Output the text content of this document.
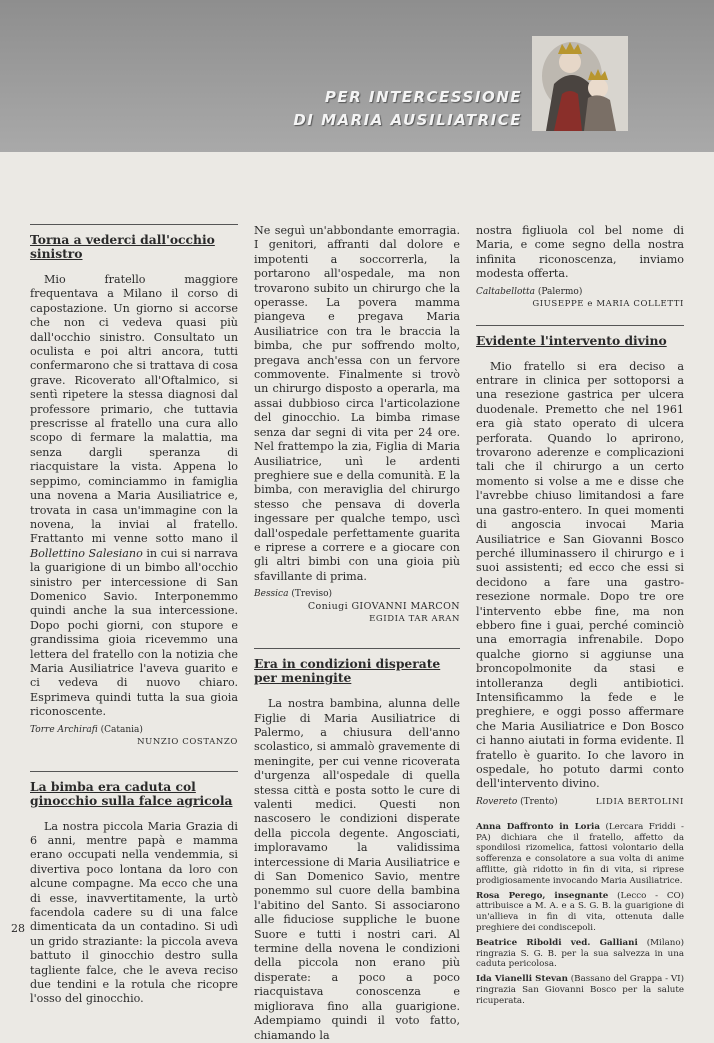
PER INTERCESSIONE
DI MARIA AUSILIATRICE
Torna a vederci dall'occhio sinistro

Mio fratello maggiore frequentava a Milano il corso di capostazione. Un giorno si accorse che non ci vedeva quasi più dall'occhio sinistro. Consultato un oculista e poi altri ancora, tutti confermarono che si trattava di cosa grave. Ricoverato all'Oftalmico, si sentì ripetere la stessa diagnosi dal professore primario, che tuttavia prescrisse al fratello una cura allo scopo di fermare la malattia, ma senza dargli speranza di riacquistare la vista. Appena lo seppimo, cominciammo in famiglia una novena a Maria Ausiliatrice e, trovata in casa un'immagine con la novena, la inviai al fratello. Frattanto mi venne sotto mano il Bollettino Salesiano in cui si narrava la guarigione di un bimbo all'occhio sinistro per intercessione di San Domenico Savio. Interponemmo quindi anche la sua intercessione. Dopo pochi giorni, con stupore e grandissima gioia ricevemmo una lettera del fratello con la notizia che Maria Ausiliatrice l'aveva guarito e ci vedeva di nuovo chiaro. Esprimeva quindi tutta la sua gioia riconoscente.

Torre Archirafi (Catania)
NUNZIO COSTANZO
La bimba era caduta col ginocchio sulla falce agricola

La nostra piccola Maria Grazia di 6 anni, mentre papà e mamma erano occupati nella vendemmia, si divertiva poco lontana da loro con alcune compagne. Ma ecco che una di esse, inavvertitamente, la urtò facendola cadere su di una falce dimenticata da un contadino. Si udì un grido straziante: la piccola aveva battuto il ginocchio destro sulla tagliente falce, che le aveva reciso due tendini e la rotula che ricopre l'osso del ginocchio.

Ne seguì un'abbondante emorragia. I genitori, affranti dal dolore e impotenti a soccorrerla, la portarono all'ospedale, ma non trovarono subito un chirurgo che la operasse. La povera mamma piangeva e pregava Maria Ausiliatrice con tra le braccia la bimba, che pur soffrendo molto, pregava anch'essa con un fervore commovente. Finalmente si trovò un chirurgo disposto a operarla, ma assai dubbioso circa l'articolazione del ginocchio. La bimba rimase senza dar segni di vita per 24 ore. Nel frattempo la zia, Figlia di Maria Ausiliatrice, unì le ardenti preghiere sue e della comunità. E la bimba, con meraviglia del chirurgo stesso che pensava di doverla ingessare per qualche tempo, uscì dall'ospedale perfettamente guarita e riprese a correre e a giocare con gli altri bimbi con una gioia più sfavillante di prima.

Bessica (Treviso)
Coniugi GIOVANNI MARCON
EGIDIA TAR ARAN
Era in condizioni disperate per meningite

La nostra bambina, alunna delle Figlie di Maria Ausiliatrice di Palermo, a chiusura dell'anno scolastico, si ammalò gravemente di meningite, per cui venne ricoverata d'urgenza all'ospedale di quella stessa città e posta sotto le cure di valenti medici. Questi non nascosero le condizioni disperate della piccola degente. Angosciati, imploravamo la validissima intercessione di Maria Ausiliatrice e di San Domenico Savio, mentre ponemmo sul cuore della bambina l'abitino del Santo. Si associarono alle fiduciose suppliche le buone Suore e tutti i nostri cari. Al termine della novena le condizioni della piccola non erano più disperate: a poco a poco riacquistava conoscenza e migliorava fino alla guarigione. Adempiamo quindi il voto fatto, chiamando la

nostra figliuola col bel nome di Maria, e come segno della nostra infinita riconoscenza, inviamo modesta offerta.

Caltabellotta (Palermo)
GIUSEPPE e MARIA COLLETTI
Evidente l'intervento divino

Mio fratello si era deciso a entrare in clinica per sottoporsi a una resezione gastrica per ulcera duodenale. Premetto che nel 1961 era già stato operato di ulcera perforata. Quando lo aprirono, trovarono aderenze e complicazioni tali che il chirurgo a un certo momento si volse a me e disse che l'avrebbe chiuso limitandosi a fare una gastro-entero. In quei momenti di angoscia invocai Maria Ausiliatrice e San Giovanni Bosco perché illuminassero il chirurgo e i suoi assistenti; ed ecco che essi si decidono a fare una gastro-resezione normale. Dopo tre ore l'intervento ebbe fine, ma non ebbero fine i guai, perché cominciò una emorragia infrenabile. Dopo qualche giorno si aggiunse una broncopolmonite da stasi e intolleranza degli antibiotici. Intensificammo la fede e le preghiere, e oggi posso affermare che Maria Ausiliatrice e Don Bosco ci hanno aiutati in forma evidente. Il fratello è guarito. Io che lavoro in ospedale, ho potuto darmi conto dell'intervento divino.

Rovereto (Trento)	LIDIA BERTOLINI
Anna Daffronto in Loria (Lercara Friddi - PA) dichiara che il fratello, affetto da spondilosi rizomelica, fattosi volontario della sofferenza e consolatore a sua volta di anime afflitte, già ridotto in fin di vita, si riprese prodigiosamente invocando Maria Ausiliatrice.
Rosa Perego, insegnante (Lecco - CO) attribuisce a M. A. e a S. G. B. la guarigione di un'allieva in fin di vita, ottenuta dalle preghiere dei condiscepoli.
Beatrice Riboldi ved. Galliani (Milano) ringrazia S. G. B. per la sua salvezza in una caduta pericolosa.
Ida Vianelli Stevan (Bassano del Grappa - VI) ringrazia San Giovanni Bosco per la salute ricuperata.
28
